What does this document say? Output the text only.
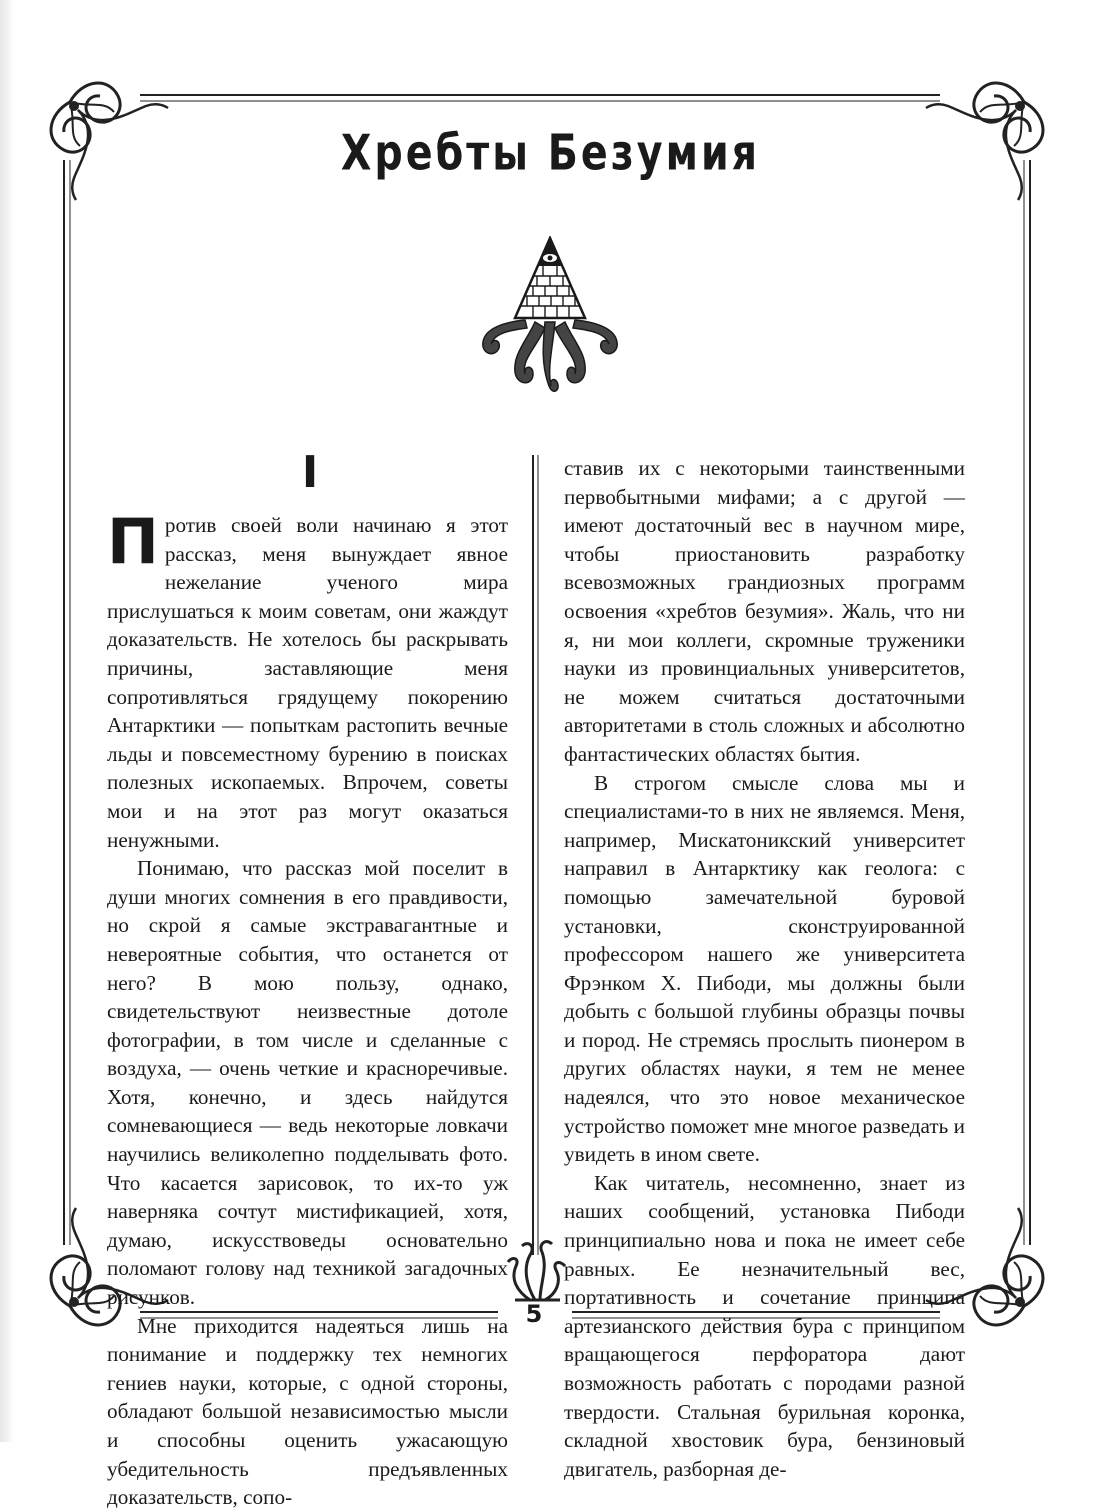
Хребты Безумия
I

Против своей воли начинаю я этот рассказ, меня вынуждает явное нежелание ученого мира прислушаться к моим советам, они жаждут доказательств. Не хотелось бы раскрывать причины, заставляющие меня сопротивляться грядущему покорению Антарктики — попыткам растопить вечные льды и повсеместному бурению в поисках полезных ископаемых. Впрочем, советы мои и на этот раз могут оказаться ненужными.

Понимаю, что рассказ мой поселит в души многих сомнения в его правдивости, но скрой я самые экстравагантные и невероятные события, что останется от него? В мою пользу, однако, свидетельствуют неизвестные дотоле фотографии, в том числе и сделанные с воздуха, — очень четкие и красноречивые. Хотя, конечно, и здесь найдутся сомневающиеся — ведь некоторые ловкачи научились великолепно подделывать фото. Что касается зарисовок, то их-то уж наверняка сочтут мистификацией, хотя, думаю, искусствоведы основательно поломают голову над техникой загадочных рисунков.

Мне приходится надеяться лишь на понимание и поддержку тех немногих гениев науки, которые, с одной стороны, обладают большой независимостью мысли и способны оценить ужасающую убедительность предъявленных доказательств, сопо-

ставив их с некоторыми таинственными первобытными мифами; а с другой — имеют достаточный вес в научном мире, чтобы приостановить разработку всевозможных грандиозных программ освоения «хребтов безумия». Жаль, что ни я, ни мои коллеги, скромные труженики науки из провинциальных университетов, не можем считаться достаточными авторитетами в столь сложных и абсолютно фантастических областях бытия.

В строгом смысле слова мы и специалистами-то в них не являемся. Меня, например, Мискатоникский университет направил в Антарктику как геолога: с помощью замечательной буровой установки, сконструированной профессором нашего же университета Фрэнком Х. Пибоди, мы должны были добыть с большой глубины образцы почвы и пород. Не стремясь прослыть пионером в других областях науки, я тем не менее надеялся, что это новое механическое устройство поможет мне многое разведать и увидеть в ином свете.

Как читатель, несомненно, знает из наших сообщений, установка Пибоди принципиально нова и пока не имеет себе равных. Ее незначительный вес, портативность и сочетание принципа артезианского действия бура с принципом вращающегося перфоратора дают возможность работать с породами разной твердости. Стальная бурильная коронка, складной хвостовик бура, бензиновый двигатель, разборная де-

5
